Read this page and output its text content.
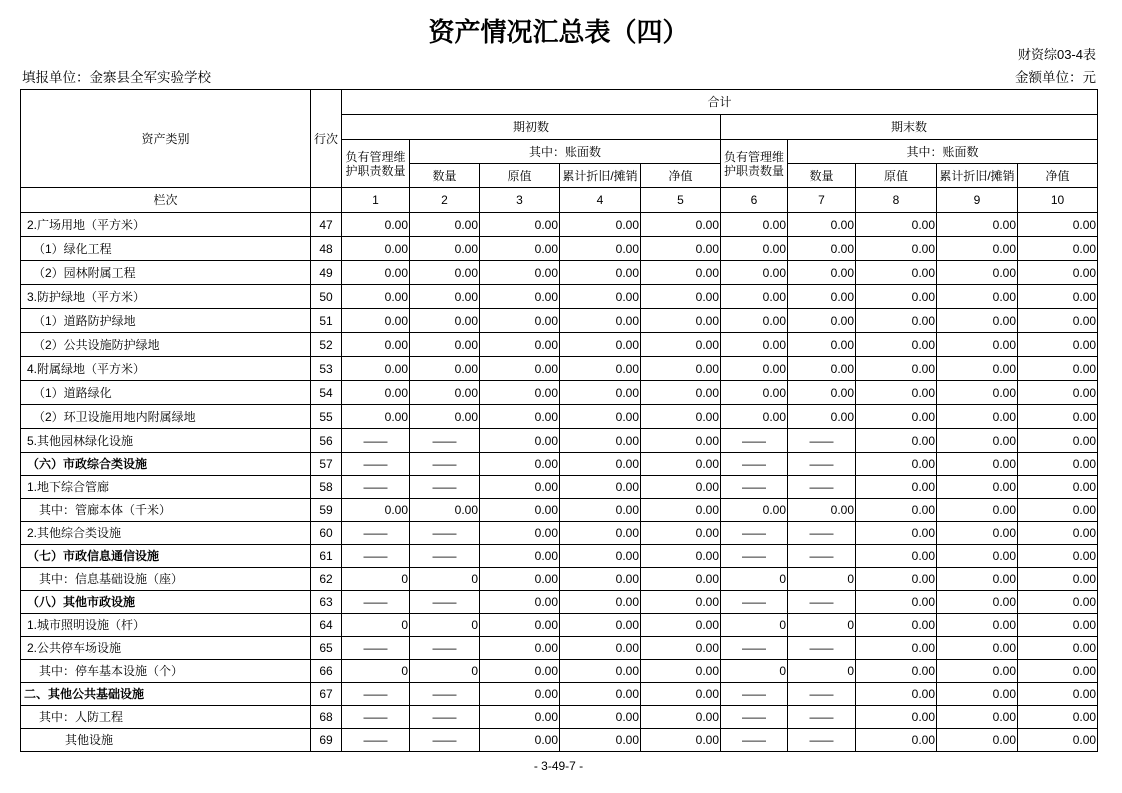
资产情况汇总表（四）
财资综03-4表
填报单位：金寨县全军实验学校	金额单位：元
资产类别	行次	合计									
		期初数					期末数				
		负有管理维护职责数量	其中：账面数				负有管理维护职责数量	其中：账面数			
			数量	原值	累计折旧/摊销	净值		数量	原值	累计折旧/摊销	净值
栏次		1	2	3	4	5	6	7	8	9	10
2.广场用地（平方米）	47	0.00	0.00	0.00	0.00	0.00	0.00	0.00	0.00	0.00	0.00
（1）绿化工程	48	0.00	0.00	0.00	0.00	0.00	0.00	0.00	0.00	0.00	0.00
（2）园林附属工程	49	0.00	0.00	0.00	0.00	0.00	0.00	0.00	0.00	0.00	0.00
3.防护绿地（平方米）	50	0.00	0.00	0.00	0.00	0.00	0.00	0.00	0.00	0.00	0.00
（1）道路防护绿地	51	0.00	0.00	0.00	0.00	0.00	0.00	0.00	0.00	0.00	0.00
（2）公共设施防护绿地	52	0.00	0.00	0.00	0.00	0.00	0.00	0.00	0.00	0.00	0.00
4.附属绿地（平方米）	53	0.00	0.00	0.00	0.00	0.00	0.00	0.00	0.00	0.00	0.00
（1）道路绿化	54	0.00	0.00	0.00	0.00	0.00	0.00	0.00	0.00	0.00	0.00
（2）环卫设施用地内附属绿地	55	0.00	0.00	0.00	0.00	0.00	0.00	0.00	0.00	0.00	0.00
5.其他园林绿化设施	56	——	——	0.00	0.00	0.00	——	——	0.00	0.00	0.00
（六）市政综合类设施	57	——	——	0.00	0.00	0.00	——	——	0.00	0.00	0.00
1.地下综合管廊	58	——	——	0.00	0.00	0.00	——	——	0.00	0.00	0.00
其中：管廊本体（千米）	59	0.00	0.00	0.00	0.00	0.00	0.00	0.00	0.00	0.00	0.00
2.其他综合类设施	60	——	——	0.00	0.00	0.00	——	——	0.00	0.00	0.00
（七）市政信息通信设施	61	——	——	0.00	0.00	0.00	——	——	0.00	0.00	0.00
其中：信息基础设施（座）	62	0	0	0.00	0.00	0.00	0	0	0.00	0.00	0.00
（八）其他市政设施	63	——	——	0.00	0.00	0.00	——	——	0.00	0.00	0.00
1.城市照明设施（杆）	64	0	0	0.00	0.00	0.00	0	0	0.00	0.00	0.00
2.公共停车场设施	65	——	——	0.00	0.00	0.00	——	——	0.00	0.00	0.00
其中：停车基本设施（个）	66	0	0	0.00	0.00	0.00	0	0	0.00	0.00	0.00
二、其他公共基础设施	67	——	——	0.00	0.00	0.00	——	——	0.00	0.00	0.00
其中：人防工程	68	——	——	0.00	0.00	0.00	——	——	0.00	0.00	0.00
其他设施	69	——	——	0.00	0.00	0.00	——	——	0.00	0.00	0.00
- 3-49-7 -
